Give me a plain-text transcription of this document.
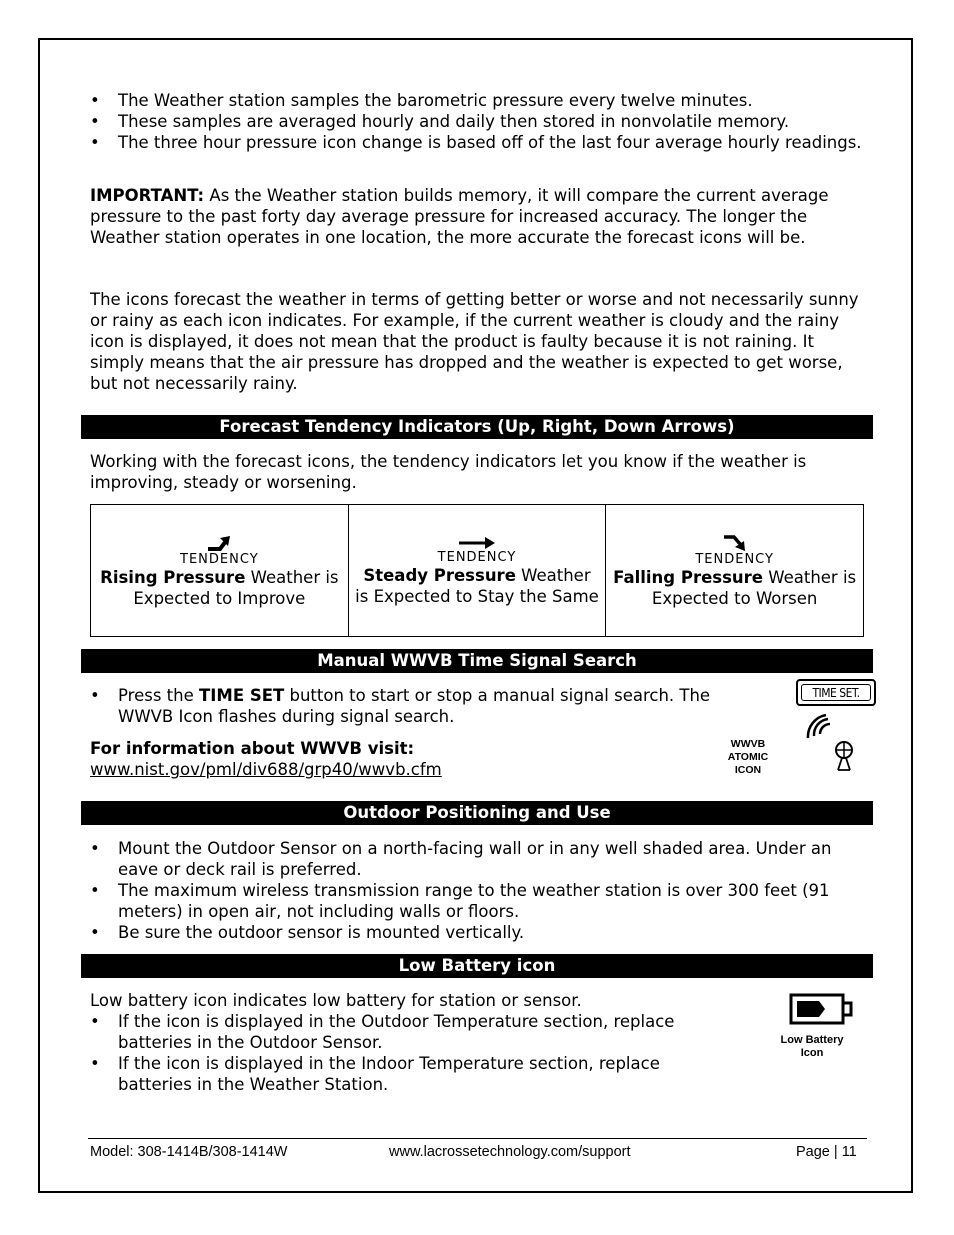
• The Weather station samples the barometric pressure every twelve minutes.
• These samples are averaged hourly and daily then stored in nonvolatile memory.
• The three hour pressure icon change is based off of the last four average hourly readings.

IMPORTANT: As the Weather station builds memory, it will compare the current average pressure to the past forty day average pressure for increased accuracy. The longer the Weather station operates in one location, the more accurate the forecast icons will be.

The icons forecast the weather in terms of getting better or worse and not necessarily sunny or rainy as each icon indicates. For example, if the current weather is cloudy and the rainy icon is displayed, it does not mean that the product is faulty because it is not raining. It simply means that the air pressure has dropped and the weather is expected to get worse, but not necessarily rainy.

Forecast Tendency Indicators (Up, Right, Down Arrows)

Working with the forecast icons, the tendency indicators let you know if the weather is improving, steady or worsening.

TENDENCY
Rising Pressure Weather is Expected to Improve	
TENDENCY
Steady Pressure Weather is Expected to Stay the Same	
TENDENCY
Falling Pressure Weather is Expected to Worsen
Manual WWVB Time Signal Search
• Press the TIME SET button to start or stop a manual signal search. The WWVB Icon flashes during signal search.
For information about WWVB visit:
www.nist.gov/pml/div688/grp40/wwvb.cfm
TIME SET.
WWVB
ATOMIC
ICON
Outdoor Positioning and Use
• Mount the Outdoor Sensor on a north-facing wall or in any well shaded area. Under an eave or deck rail is preferred.
• The maximum wireless transmission range to the weather station is over 300 feet (91 meters) in open air, not including walls or floors.
• Be sure the outdoor sensor is mounted vertically.
Low Battery icon

Low battery icon indicates low battery for station or sensor.

• If the icon is displayed in the Outdoor Temperature section, replace batteries in the Outdoor Sensor.
• If the icon is displayed in the Indoor Temperature section, replace batteries in the Weather Station.
Low Battery
Icon
Model: 308-1414B/308-1414W	www.lacrossetechnology.com/support	Page | 11
